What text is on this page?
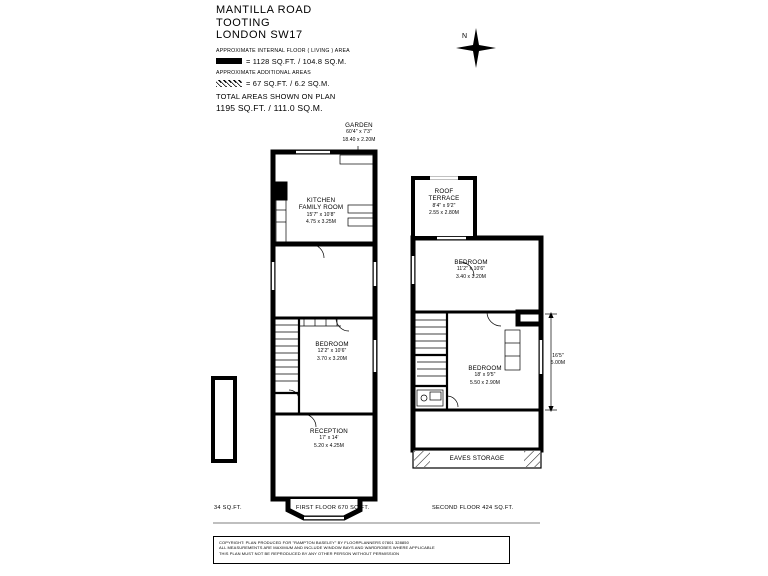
MANTILLA ROAD
TOOTING
LONDON SW17
APPROXIMATE INTERNAL FLOOR ( LIVING ) AREA
= 1128 SQ.FT. / 104.8 SQ.M.
APPROXIMATE ADDITIONAL AREAS
= 67 SQ.FT. / 6.2 SQ.M.
TOTAL AREAS SHOWN ON PLAN
1195 SQ.FT. / 111.0 SQ.M.
N
GARDEN
60'4" x 7'3"
18.40 x 2.20M
KITCHEN
FAMILY ROOM
15'7" x 10'8"
4.75 x 3.25M
BEDROOM
12'2" x 10'6"
3.70 x 3.20M
RECEPTION
17' x 14'
5.20 x 4.25M
ROOF
TERRACE
8'4" x 9'2"
2.55 x 2.80M
BEDROOM
11'2" x 10'6"
3.40 x 3.20M
BEDROOM
18' x 9'5"
5.50 x 2.90M
EAVES STORAGE
16'5"
5.00M
34 SQ.FT.	FIRST FLOOR 670 SQ.FT.	SECOND FLOOR 424 SQ.FT.

COPYRIGHT: PLAN PRODUCED FOR "RAMPTON BASELEY" BY FLOORPLANNERS 07801 328850

ALL MEASUREMENTS ARE MAXIMUM AND INCLUDE WINDOW BAYS AND WARDROBES WHERE APPLICABLE

THIS PLAN MUST NOT BE REPRODUCED BY ANY OTHER PERSON WITHOUT PERMISSION
